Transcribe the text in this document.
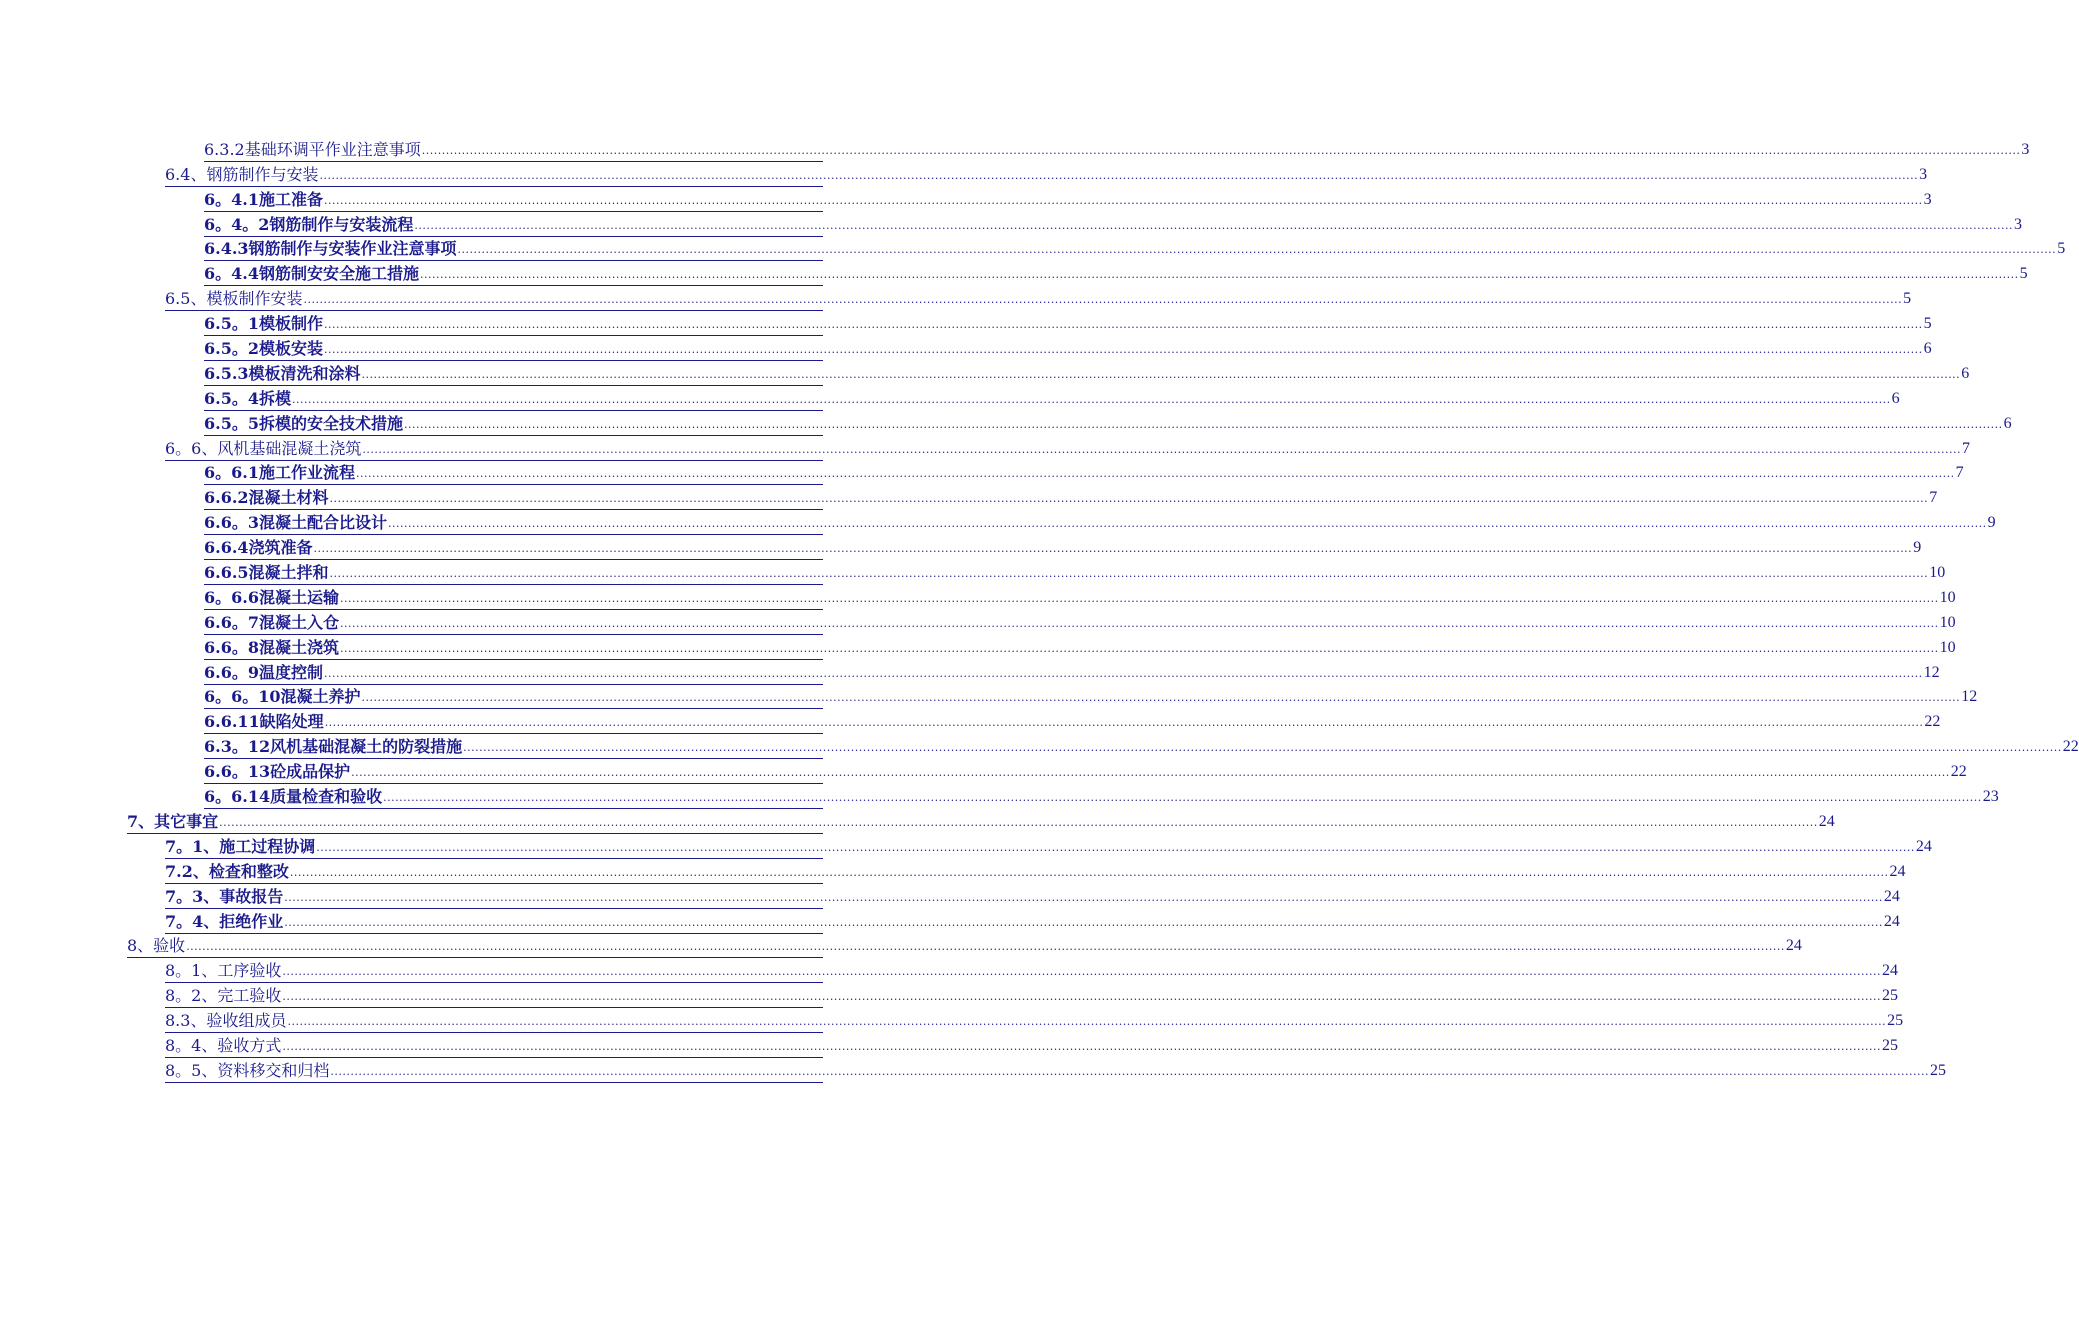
6.3.2基础环调平作业注意事项 ................................................................................................................................................................................................................................................................................................................................................................................................................ 3
6.4、钢筋制作与安装 ................................................................................................................................................................................................................................................................................................................................................................................................................ 3
6。4.1施工准备 ................................................................................................................................................................................................................................................................................................................................................................................................................ 3
6。4。2钢筋制作与安装流程 ................................................................................................................................................................................................................................................................................................................................................................................................................ 3
6.4.3钢筋制作与安装作业注意事项 ................................................................................................................................................................................................................................................................................................................................................................................................................ 5
6。4.4钢筋制安安全施工措施 ................................................................................................................................................................................................................................................................................................................................................................................................................ 5
6.5、模板制作安装 ................................................................................................................................................................................................................................................................................................................................................................................................................ 5
6.5。1模板制作 ................................................................................................................................................................................................................................................................................................................................................................................................................ 5
6.5。2模板安装 ................................................................................................................................................................................................................................................................................................................................................................................................................ 6
6.5.3模板清洗和涂料 ................................................................................................................................................................................................................................................................................................................................................................................................................ 6
6.5。4拆模 ................................................................................................................................................................................................................................................................................................................................................................................................................ 6
6.5。5拆模的安全技术措施 ................................................................................................................................................................................................................................................................................................................................................................................................................ 6
6。6、风机基础混凝土浇筑 ................................................................................................................................................................................................................................................................................................................................................................................................................ 7
6。6.1施工作业流程 ................................................................................................................................................................................................................................................................................................................................................................................................................ 7
6.6.2混凝土材料 ................................................................................................................................................................................................................................................................................................................................................................................................................ 7
6.6。3混凝土配合比设计 ................................................................................................................................................................................................................................................................................................................................................................................................................ 9
6.6.4浇筑准备 ................................................................................................................................................................................................................................................................................................................................................................................................................ 9
6.6.5混凝土拌和 ................................................................................................................................................................................................................................................................................................................................................................................................................ 10
6。6.6混凝土运输 ................................................................................................................................................................................................................................................................................................................................................................................................................ 10
6.6。7混凝土入仓 ................................................................................................................................................................................................................................................................................................................................................................................................................ 10
6.6。8混凝土浇筑 ................................................................................................................................................................................................................................................................................................................................................................................................................ 10
6.6。9温度控制 ................................................................................................................................................................................................................................................................................................................................................................................................................ 12
6。6。10混凝土养护 ................................................................................................................................................................................................................................................................................................................................................................................................................ 12
6.6.11缺陷处理 ................................................................................................................................................................................................................................................................................................................................................................................................................ 22
6.3。12风机基础混凝土的防裂措施 ................................................................................................................................................................................................................................................................................................................................................................................................................ 22
6.6。13砼成品保护 ................................................................................................................................................................................................................................................................................................................................................................................................................ 22
6。6.14质量检查和验收 ................................................................................................................................................................................................................................................................................................................................................................................................................ 23
7、其它事宜 ................................................................................................................................................................................................................................................................................................................................................................................................................ 24
7。1、施工过程协调 ................................................................................................................................................................................................................................................................................................................................................................................................................ 24
7.2、检查和整改 ................................................................................................................................................................................................................................................................................................................................................................................................................ 24
7。3、事故报告 ................................................................................................................................................................................................................................................................................................................................................................................................................ 24
7。4、拒绝作业 ................................................................................................................................................................................................................................................................................................................................................................................................................ 24
8、验收 ................................................................................................................................................................................................................................................................................................................................................................................................................ 24
8。1、工序验收 ................................................................................................................................................................................................................................................................................................................................................................................................................ 24
8。2、完工验收 ................................................................................................................................................................................................................................................................................................................................................................................................................ 25
8.3、验收组成员 ................................................................................................................................................................................................................................................................................................................................................................................................................ 25
8。4、验收方式 ................................................................................................................................................................................................................................................................................................................................................................................................................ 25
8。5、资料移交和归档 ................................................................................................................................................................................................................................................................................................................................................................................................................ 25
